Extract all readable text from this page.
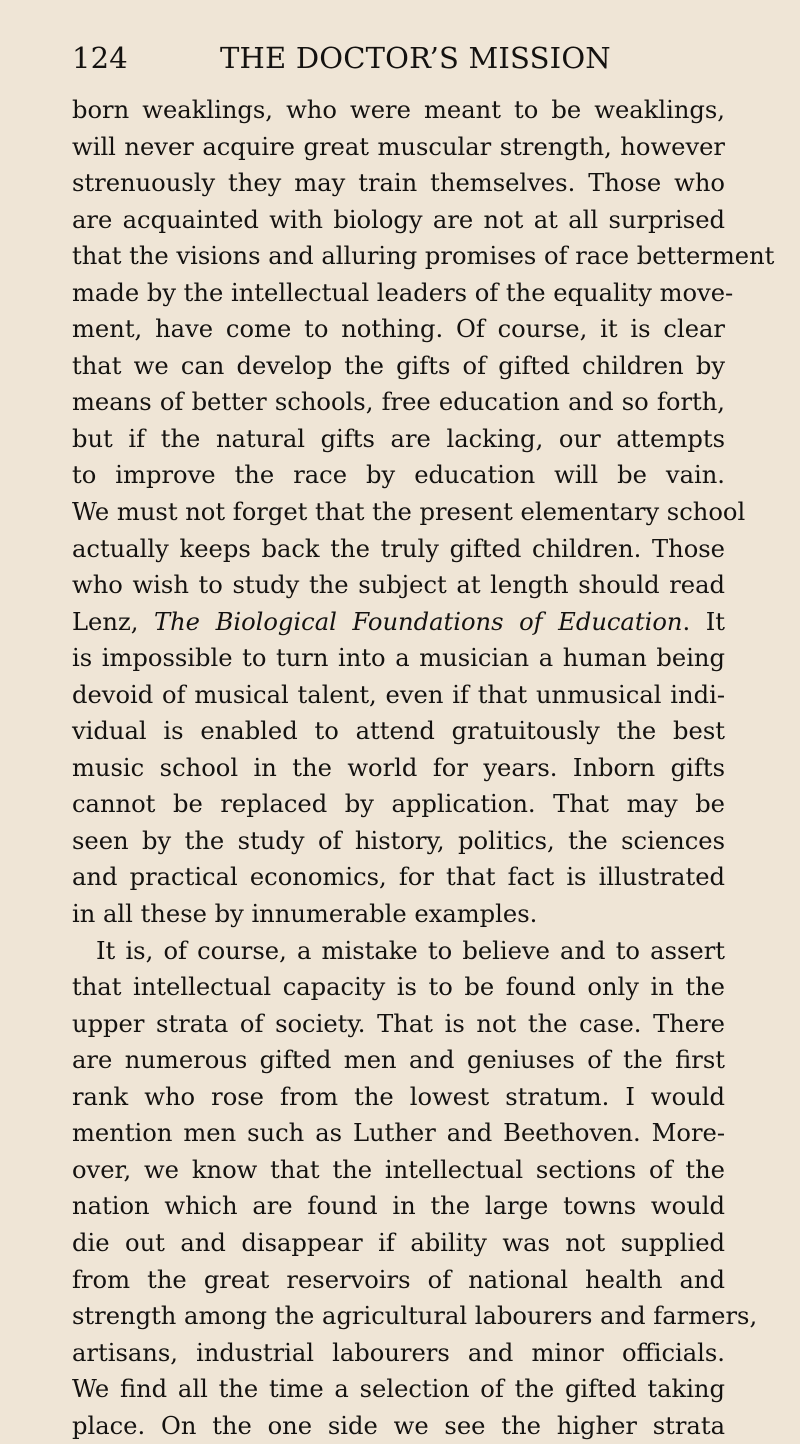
124	THE DOCTOR’S MISSION
born weaklings, who were meant to be weaklings,
will never acquire great muscular strength, however
strenuously they may train themselves. Those who
are acquainted with biology are not at all surprised
that the visions and alluring promises of race betterment
made by the intellectual leaders of the equality move-
ment, have come to nothing. Of course, it is clear
that we can develop the gifts of gifted children by
means of better schools, free education and so forth,
but if the natural gifts are lacking, our attempts
to improve the race by education will be vain.
We must not forget that the present elementary school
actually keeps back the truly gifted children. Those
who wish to study the subject at length should read
Lenz, The Biological Foundations of Education. It
is impossible to turn into a musician a human being
devoid of musical talent, even if that unmusical indi-
vidual is enabled to attend gratuitously the best
music school in the world for years. Inborn gifts
cannot be replaced by application. That may be
seen by the study of history, politics, the sciences
and practical economics, for that fact is illustrated
in all these by innumerable examples.
It is, of course, a mistake to believe and to assert
that intellectual capacity is to be found only in the
upper strata of society. That is not the case. There
are numerous gifted men and geniuses of the first
rank who rose from the lowest stratum. I would
mention men such as Luther and Beethoven. More-
over, we know that the intellectual sections of the
nation which are found in the large towns would
die out and disappear if ability was not supplied
from the great reservoirs of national health and
strength among the agricultural labourers and farmers,
artisans, industrial labourers and minor officials.
We find all the time a selection of the gifted taking
place. On the one side we see the higher strata
